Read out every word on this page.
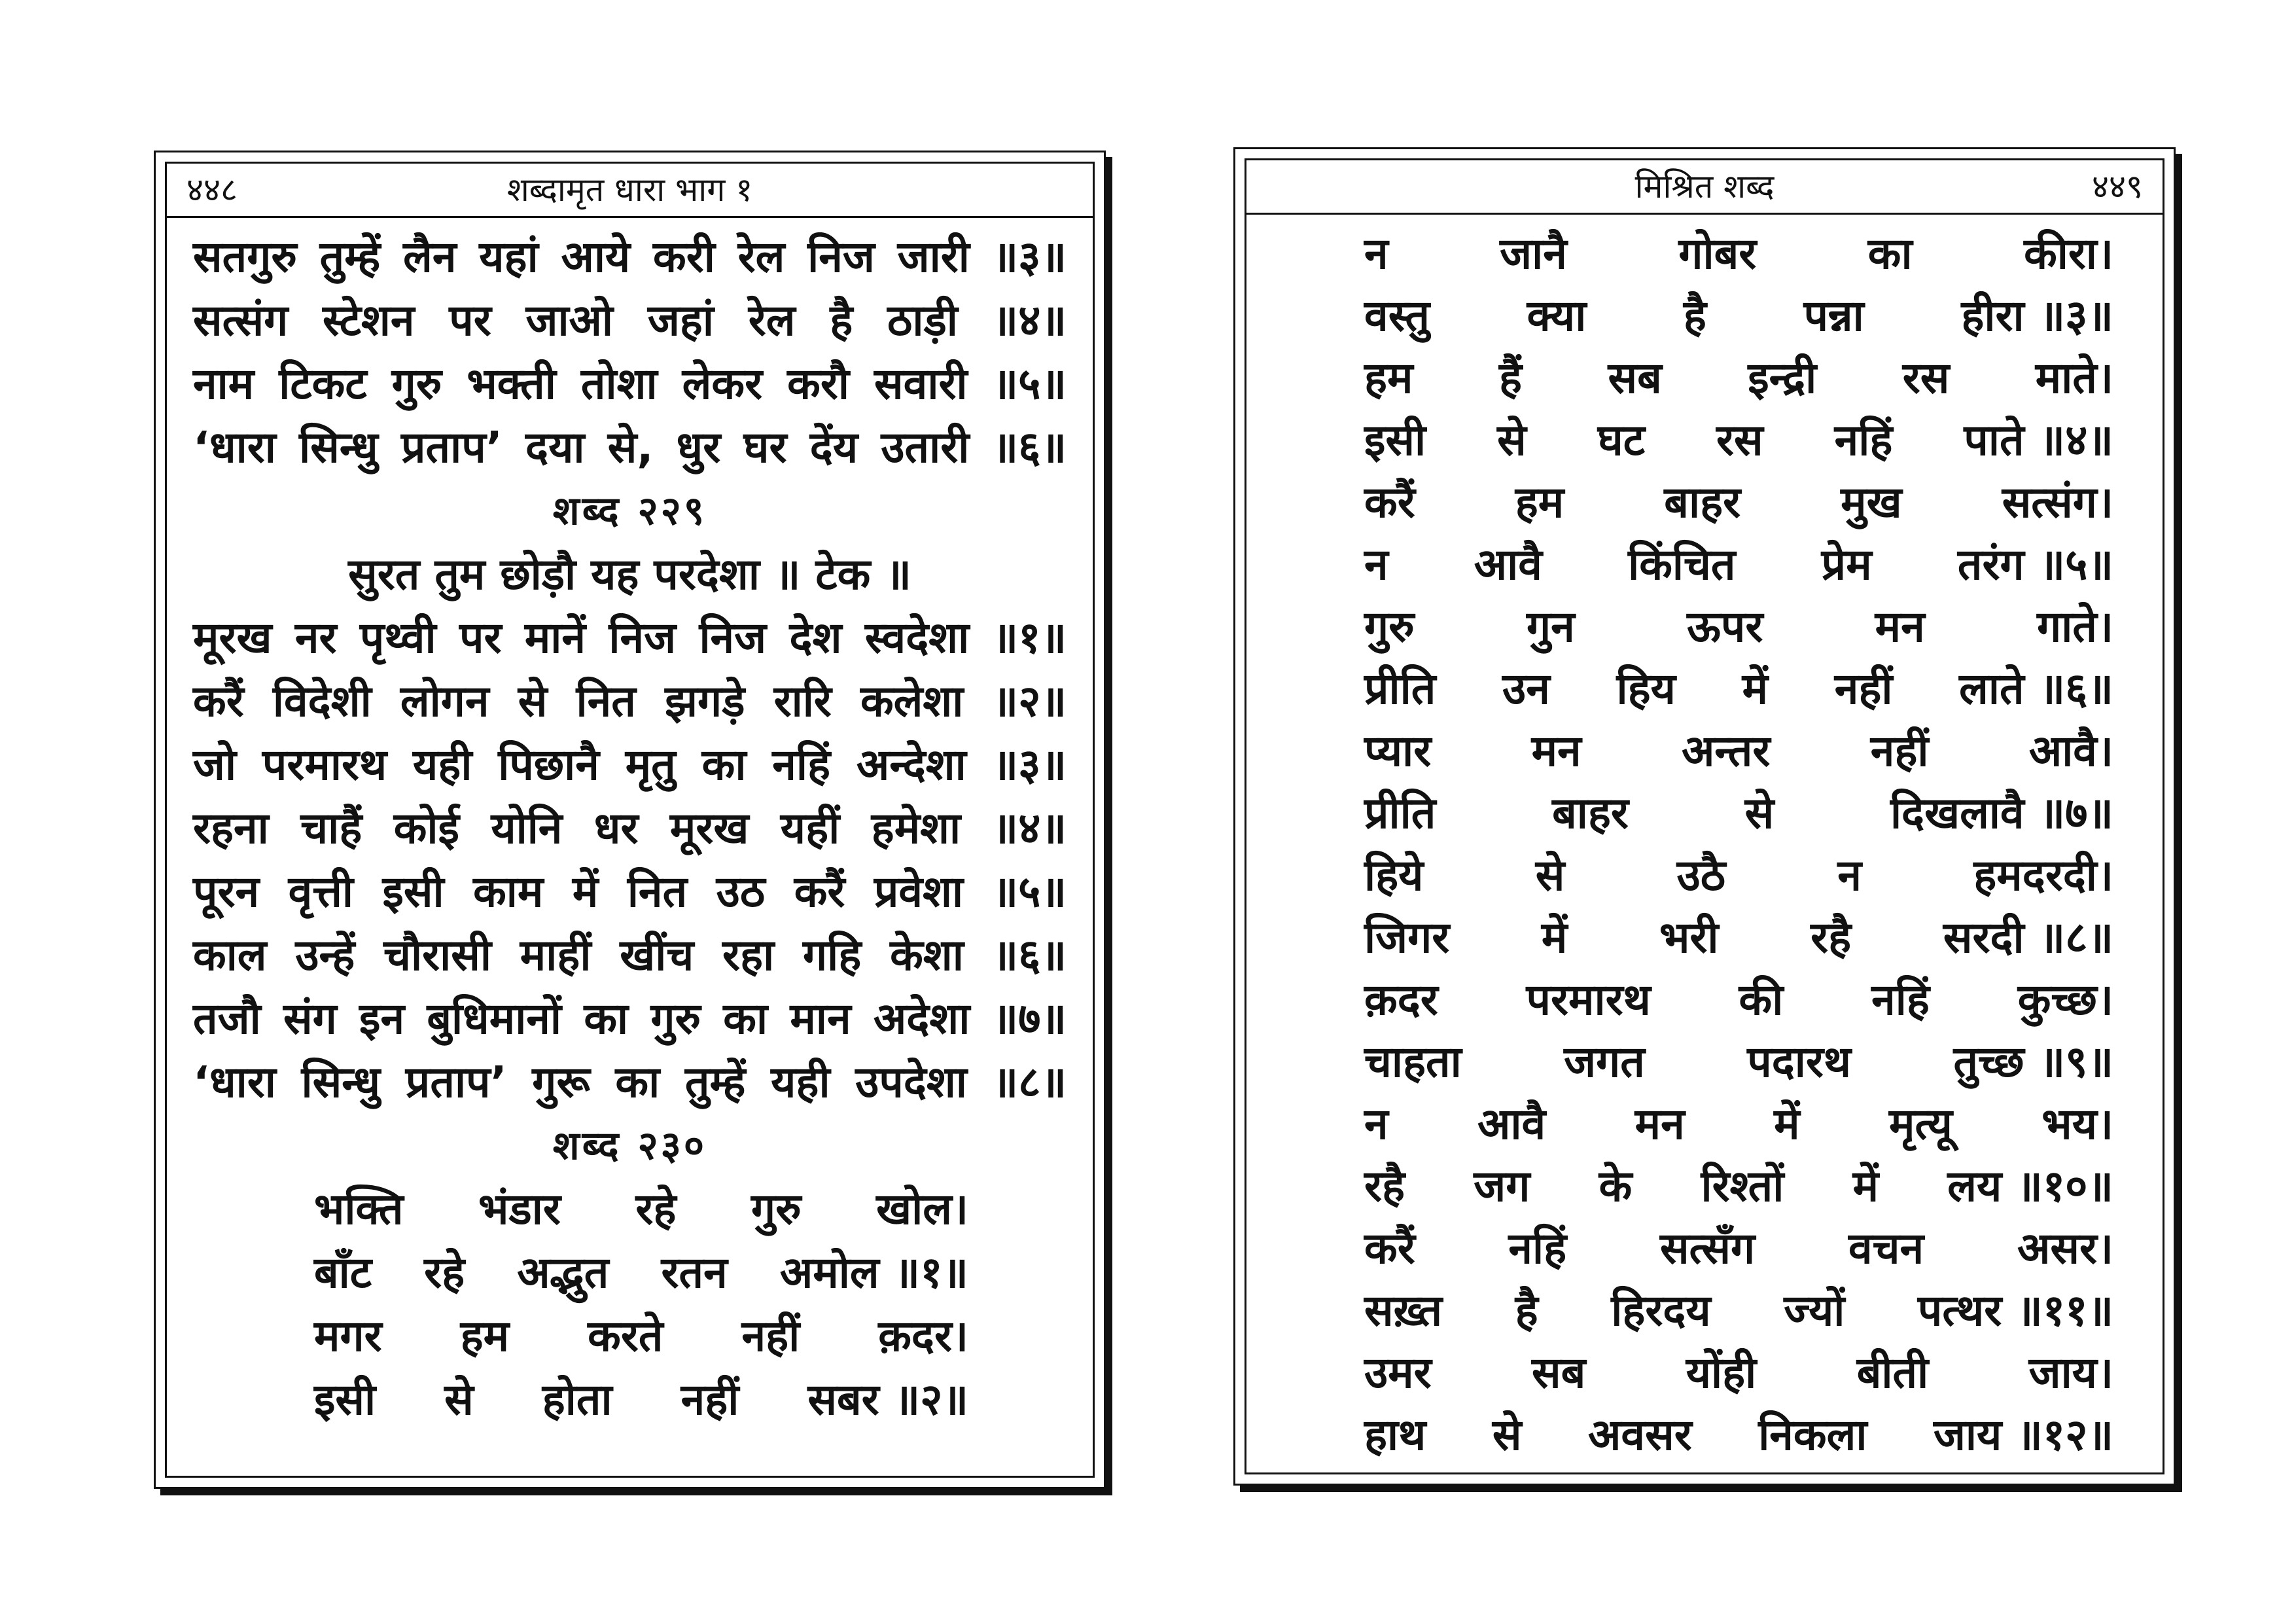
४४८	शब्दामृत धारा भाग १
सतगुरु तुम्हें लैन यहां आये करी रेल निज जारी ॥३॥
सत्संग स्टेशन पर जाओ जहां रेल है ठाड़ी ॥४॥
नाम टिकट गुरु भक्ती तोशा लेकर करौ सवारी ॥५॥
‘धारा सिन्धु प्रताप’ दया से, धुर घर देंय उतारी ॥६॥
शब्द २२९
सुरत तुम छोड़ौ यह परदेशा ॥ टेक ॥
मूरख नर पृथ्वी पर मानें निज निज देश स्वदेशा ॥१॥
करैं विदेशी लोगन से नित झगड़े रारि कलेशा ॥२॥
जो परमारथ यही पिछानै मृतु का नहिं अन्देशा ॥३॥
रहना चाहैं कोई योनि धर मूरख यहीं हमेशा ॥४॥
पूरन वृत्ती इसी काम में नित उठ करैं प्रवेशा ॥५॥
काल उन्हें चौरासी माहीं खींच रहा गहि केशा ॥६॥
तजौ संग इन बुधिमानों का गुरु का मान अदेशा ॥७॥
‘धारा सिन्धु प्रताप’ गुरू का तुम्हें यही उपदेशा ॥८॥
शब्द २३०
भक्ति भंडार रहे गुरु खोल।
बाँट रहे अद्भुत रतन अमोल ॥१॥
मगर हम करते नहीं क़दर।
इसी से होता नहीं सबर ॥२॥
मिश्रित शब्द	४४९
न	जानै	गोबर	का	कीरा।
वस्तु क्या है पन्ना हीरा ॥३॥
हम हैं सब इन्द्री रस माते।
इसी से घट रस नहिं पाते ॥४॥
करैं हम बाहर मुख सत्संग।
न आवै किंचित प्रेम तरंग ॥५॥
गुरु	गुन	ऊपर	मन	गाते।
प्रीति उन हिय में नहीं लाते ॥६॥
प्यार मन अन्तर नहीं आवै।
प्रीति	बाहर	से	दिखलावै ॥७॥
हिये	से	उठै	न	हमदरदी।
जिगर में भरी रहै सरदी ॥८॥
क़दर परमारथ की नहिं कुच्छ।
चाहता जगत पदारथ तुच्छ ॥९॥
न आवै मन में मृत्यू भय।
रहै जग के रिश्तों में लय ॥१०॥
करैं नहिं सत्सँग वचन असर।
सख़्त है हिरदय ज्यों पत्थर ॥११॥
उमर सब योंही बीती जाय।
हाथ से अवसर निकला जाय ॥१२॥
